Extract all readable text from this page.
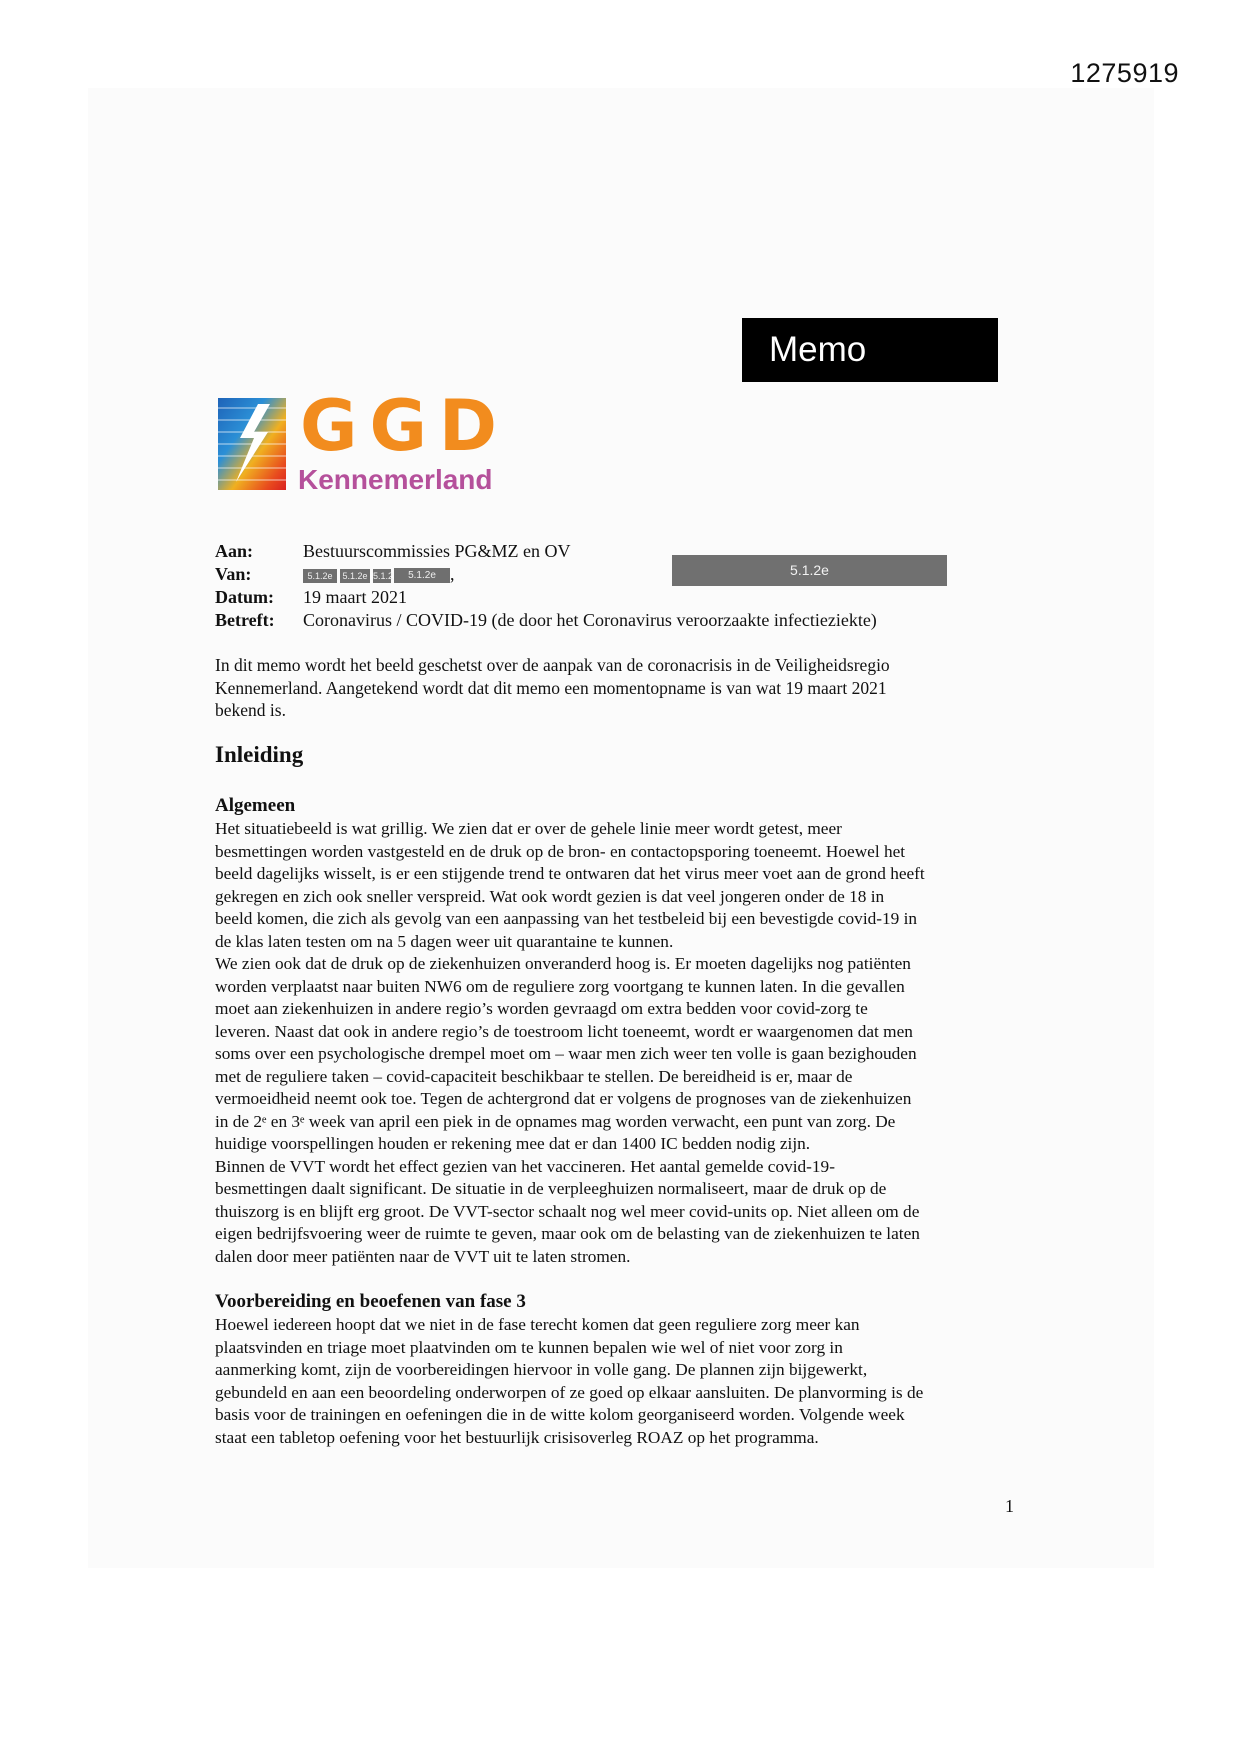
1275919
Memo
GGD
Kennemerland
Aan:	Bestuurscommissies PG&MZ en OV
Van:	5.1.2e 5.1.2e 5.1.2 5.1.2e ,	5.1.2e
Datum: 19 maart 2021
Betreft: Coronavirus / COVID-19 (de door het Coronavirus veroorzaakte infectieziekte)
In dit memo wordt het beeld geschetst over de aanpak van de coronacrisis in de Veiligheidsregio
Kennemerland. Aangetekend wordt dat dit memo een momentopname is van wat 19 maart 2021
bekend is.
Inleiding
Algemeen
Het situatiebeeld is wat grillig. We zien dat er over de gehele linie meer wordt getest, meer
besmettingen worden vastgesteld en de druk op de bron- en contactopsporing toeneemt. Hoewel het
beeld dagelijks wisselt, is er een stijgende trend te ontwaren dat het virus meer voet aan de grond heeft
gekregen en zich ook sneller verspreid. Wat ook wordt gezien is dat veel jongeren onder de 18 in
beeld komen, die zich als gevolg van een aanpassing van het testbeleid bij een bevestigde covid-19 in
de klas laten testen om na 5 dagen weer uit quarantaine te kunnen.
We zien ook dat de druk op de ziekenhuizen onveranderd hoog is. Er moeten dagelijks nog patiënten
worden verplaatst naar buiten NW6 om de reguliere zorg voortgang te kunnen laten. In die gevallen
moet aan ziekenhuizen in andere regio’s worden gevraagd om extra bedden voor covid-zorg te
leveren. Naast dat ook in andere regio’s de toestroom licht toeneemt, wordt er waargenomen dat men
soms over een psychologische drempel moet om – waar men zich weer ten volle is gaan bezighouden
met de reguliere taken – covid-capaciteit beschikbaar te stellen. De bereidheid is er, maar de
vermoeidheid neemt ook toe. Tegen de achtergrond dat er volgens de prognoses van de ziekenhuizen
in de 2ᵉ en 3ᵉ week van april een piek in de opnames mag worden verwacht, een punt van zorg. De
huidige voorspellingen houden er rekening mee dat er dan 1400 IC bedden nodig zijn.
Binnen de VVT wordt het effect gezien van het vaccineren. Het aantal gemelde covid-19-
besmettingen daalt significant. De situatie in de verpleeghuizen normaliseert, maar de druk op de
thuiszorg is en blijft erg groot. De VVT-sector schaalt nog wel meer covid-units op. Niet alleen om de
eigen bedrijfsvoering weer de ruimte te geven, maar ook om de belasting van de ziekenhuizen te laten
dalen door meer patiënten naar de VVT uit te laten stromen.
Voorbereiding en beoefenen van fase 3
Hoewel iedereen hoopt dat we niet in de fase terecht komen dat geen reguliere zorg meer kan
plaatsvinden en triage moet plaatvinden om te kunnen bepalen wie wel of niet voor zorg in
aanmerking komt, zijn de voorbereidingen hiervoor in volle gang. De plannen zijn bijgewerkt,
gebundeld en aan een beoordeling onderworpen of ze goed op elkaar aansluiten. De planvorming is de
basis voor de trainingen en oefeningen die in de witte kolom georganiseerd worden. Volgende week
staat een tabletop oefening voor het bestuurlijk crisisoverleg ROAZ op het programma.
1
